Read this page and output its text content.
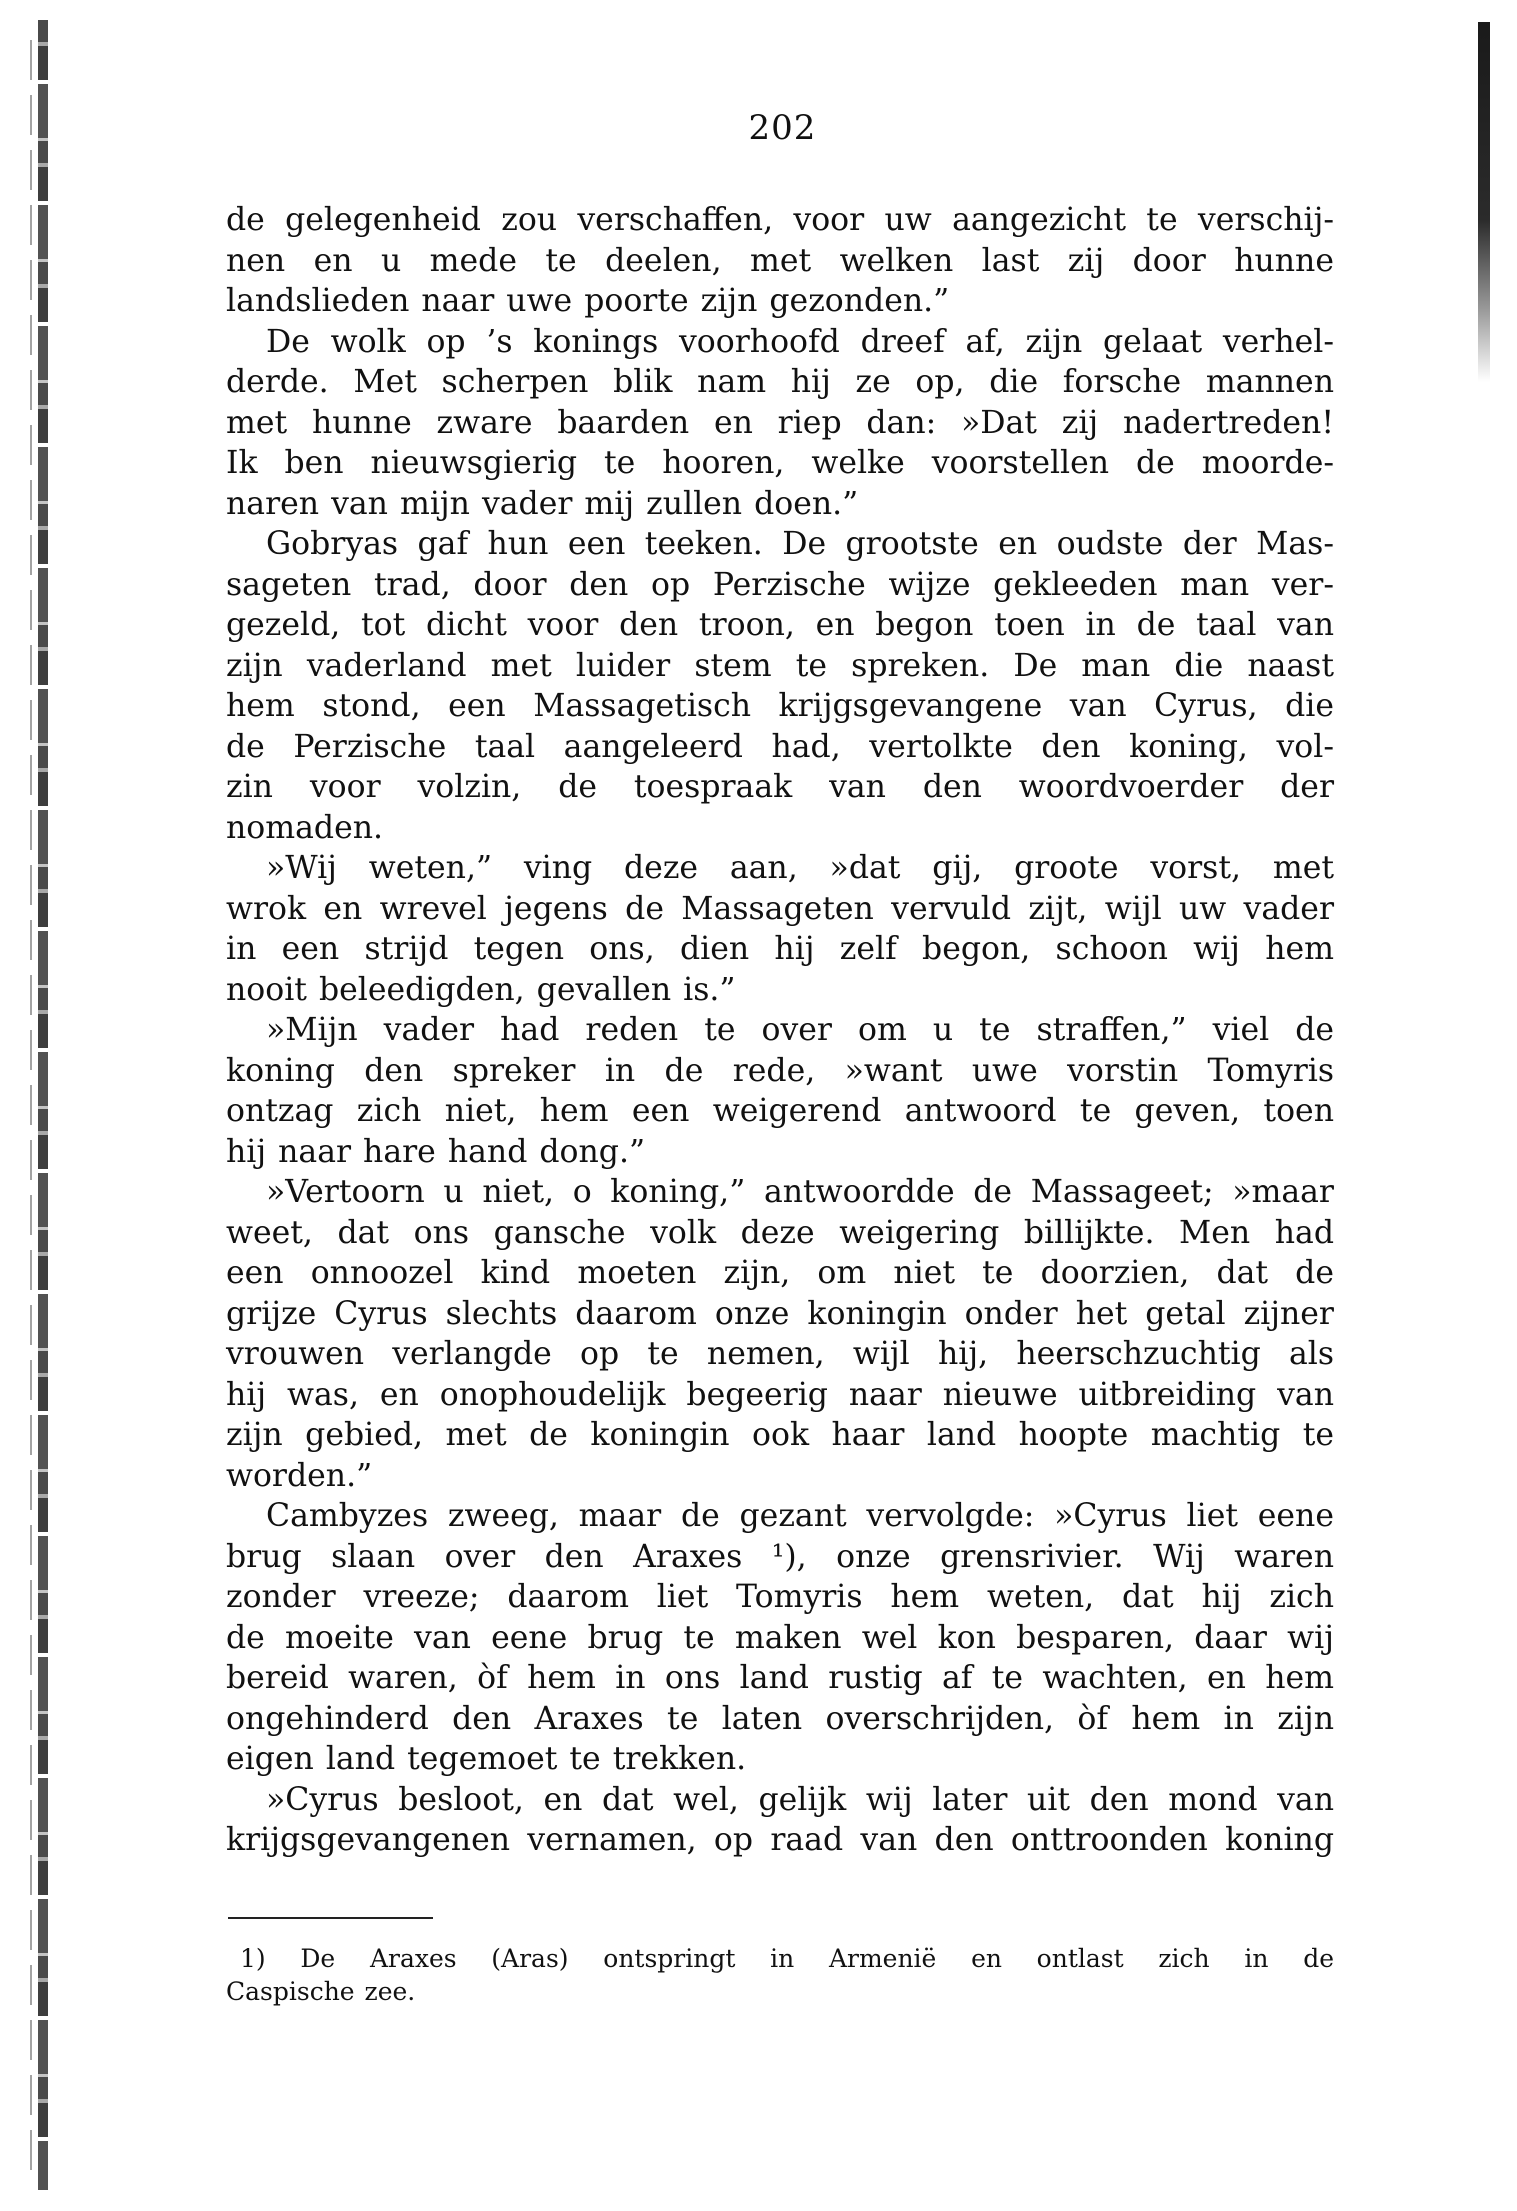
202
de gelegenheid zou verschaffen, voor uw aangezicht te verschij-
nen en u mede te deelen, met welken last zij door hunne
landslieden naar uwe poorte zijn gezonden.”
De wolk op ’s konings voorhoofd dreef af, zijn gelaat verhel-
derde. Met scherpen blik nam hij ze op, die forsche mannen
met hunne zware baarden en riep dan: »Dat zij nadertreden!
Ik ben nieuwsgierig te hooren, welke voorstellen de moorde-
naren van mijn vader mij zullen doen.”
Gobryas gaf hun een teeken. De grootste en oudste der Mas-
sageten trad, door den op Perzische wijze gekleeden man ver-
gezeld, tot dicht voor den troon, en begon toen in de taal van
zijn vaderland met luider stem te spreken. De man die naast
hem stond, een Massagetisch krijgsgevangene van Cyrus, die
de Perzische taal aangeleerd had, vertolkte den koning, vol-
zin voor volzin, de toespraak van den woordvoerder der
nomaden.
»Wij weten,” ving deze aan, »dat gij, groote vorst, met
wrok en wrevel jegens de Massageten vervuld zijt, wijl uw vader
in een strijd tegen ons, dien hij zelf begon, schoon wij hem
nooit beleedigden, gevallen is.”
»Mijn vader had reden te over om u te straffen,” viel de
koning den spreker in de rede, »want uwe vorstin Tomyris
ontzag zich niet, hem een weigerend antwoord te geven, toen
hij naar hare hand dong.”
»Vertoorn u niet, o koning,” antwoordde de Massageet; »maar
weet, dat ons gansche volk deze weigering billijkte. Men had
een onnoozel kind moeten zijn, om niet te doorzien, dat de
grijze Cyrus slechts daarom onze koningin onder het getal zijner
vrouwen verlangde op te nemen, wijl hij, heerschzuchtig als
hij was, en onophoudelijk begeerig naar nieuwe uitbreiding van
zijn gebied, met de koningin ook haar land hoopte machtig te
worden.”
Cambyzes zweeg, maar de gezant vervolgde: »Cyrus liet eene
brug slaan over den Araxes ¹), onze grensrivier. Wij waren
zonder vreeze; daarom liet Tomyris hem weten, dat hij zich
de moeite van eene brug te maken wel kon besparen, daar wij
bereid waren, òf hem in ons land rustig af te wachten, en hem
ongehinderd den Araxes te laten overschrijden, òf hem in zijn
eigen land tegemoet te trekken.
»Cyrus besloot, en dat wel, gelijk wij later uit den mond van
krijgsgevangenen vernamen, op raad van den onttroonden koning
1) De Araxes (Aras) ontspringt in Armenië en ontlast zich in de
Caspische zee.
